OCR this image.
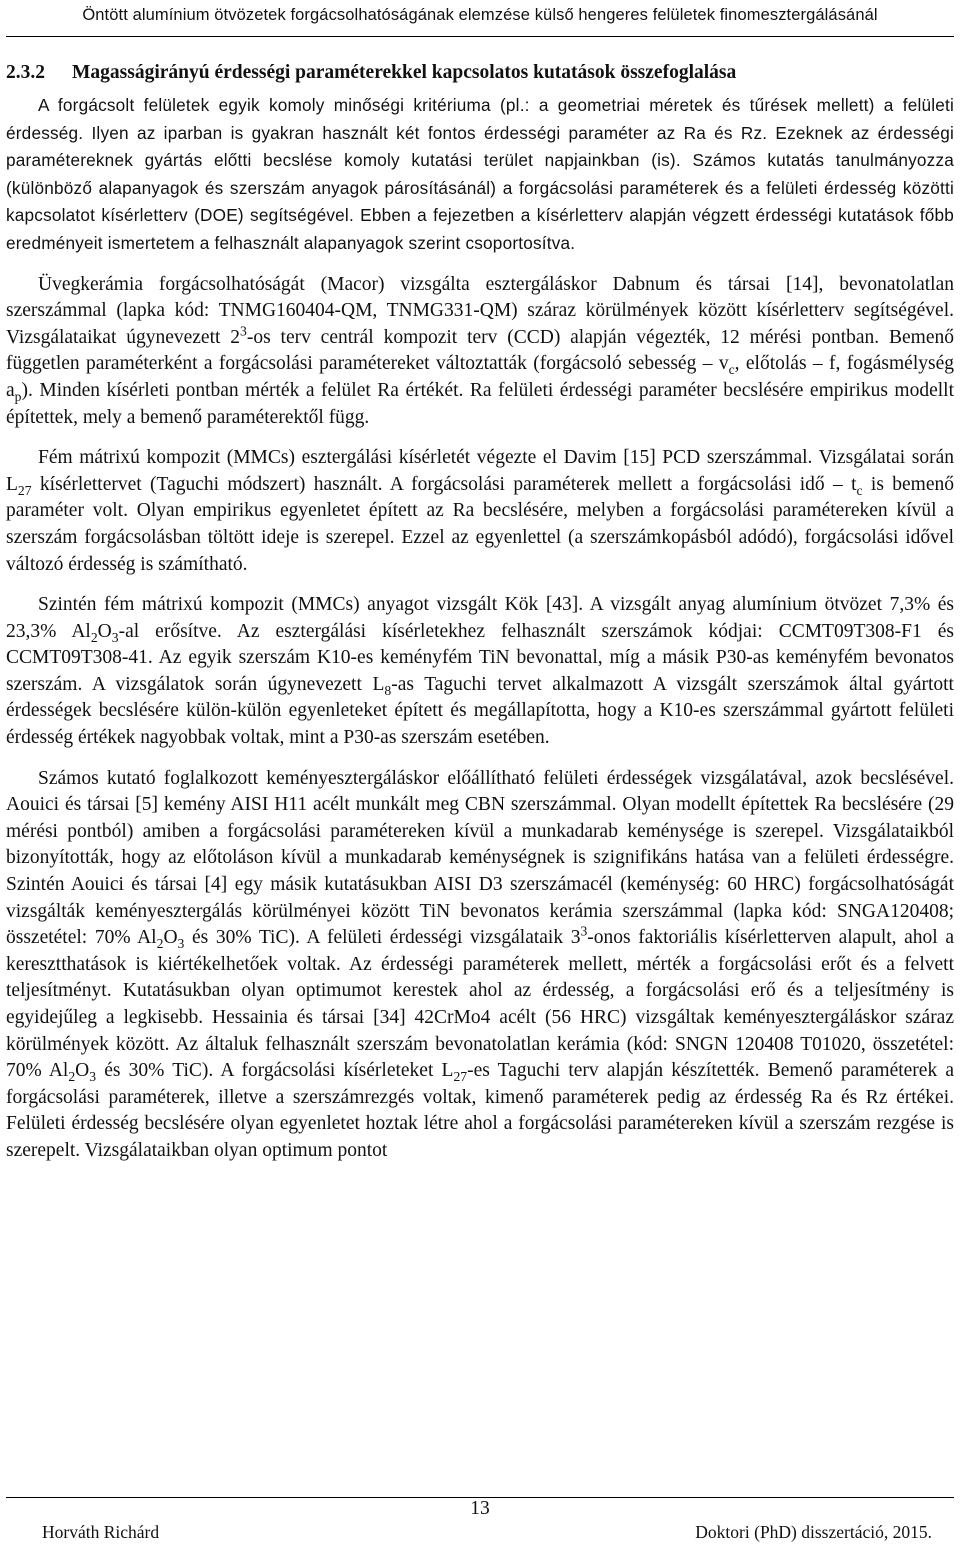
Öntött alumínium ötvözetek forgácsolhatóságának elemzése külső hengeres felületek finomesztergálásánál
2.3.2 Magasságirányú érdességi paraméterekkel kapcsolatos kutatások összefoglalása

A forgácsolt felületek egyik komoly minőségi kritériuma (pl.: a geometriai méretek és tűrések mellett) a felületi érdesség. Ilyen az iparban is gyakran használt két fontos érdességi paraméter az Ra és Rz. Ezeknek az érdességi paramétereknek gyártás előtti becslése komoly kutatási terület napjainkban (is). Számos kutatás tanulmányozza (különböző alapanyagok és szerszám anyagok párosításánál) a forgácsolási paraméterek és a felületi érdesség közötti kapcsolatot kísérletterv (DOE) segítségével. Ebben a fejezetben a kísérletterv alapján végzett érdességi kutatások főbb eredményeit ismertetem a felhasznált alapanyagok szerint csoportosítva.

Üvegkerámia forgácsolhatóságát (Macor) vizsgálta esztergáláskor Dabnum és társai [14], bevonatolatlan szerszámmal (lapka kód: TNMG160404-QM, TNMG331-QM) száraz körülmények között kísérletterv segítségével. Vizsgálataikat úgynevezett $2^3-os$ terv centrál kompozit terv (CCD) alapján végezték, 12 mérési pontban. Bemenő független paraméterként a forgácsolási paramétereket változtatták (forgácsoló sebesség – $v_c$, előtolás – f, fogásmélység $a_p$). Minden kísérleti pontban mérték a felület Ra értékét. Ra felületi érdességi paraméter becslésére empirikus modellt építettek, mely a bemenő paraméterektől függ.

Fém mátrixú kompozit (MMCs) esztergálási kísérletét végezte el Davim [15] PCD szerszámmal. Vizsgálatai során $L_{27}$ kísérlettervet (Taguchi módszert) használt. A forgácsolási paraméterek mellett a forgácsolási idő – $t_c$ is bemenő paraméter volt. Olyan empirikus egyenletet épített az Ra becslésére, melyben a forgácsolási paramétereken kívül a szerszám forgácsolásban töltött ideje is szerepel. Ezzel az egyenlettel (a szerszámkopásból adódó), forgácsolási idővel változó érdesség is számítható.

Szintén fém mátrixú kompozit (MMCs) anyagot vizsgált Kök [43]. A vizsgált anyag alumínium ötvözet 7,3% és 23,3% $Al_2O_3-al$ erősítve. Az esztergálási kísérletekhez felhasznált szerszámok kódjai: CCMT09T308-F1 és CCMT09T308-41. Az egyik szerszám K10-es keményfém TiN bevonattal, míg a másik P30-as keményfém bevonatos szerszám. A vizsgálatok során úgynevezett $L_8-as$ Taguchi tervet alkalmazott A vizsgált szerszámok által gyártott érdességek becslésére külön-külön egyenleteket épített és megállapította, hogy a K10-es szerszámmal gyártott felületi érdesség értékek nagyobbak voltak, mint a P30-as szerszám esetében.

Számos kutató foglalkozott keményesztergáláskor előállítható felületi érdességek vizsgálatával, azok becslésével. Aouici és társai [5] kemény AISI H11 acélt munkált meg CBN szerszámmal. Olyan modellt építettek Ra becslésére (29 mérési pontból) amiben a forgácsolási paramétereken kívül a munkadarab keménysége is szerepel. Vizsgálataikból bizonyították, hogy az előtoláson kívül a munkadarab keménységnek is szignifikáns hatása van a felületi érdességre. Szintén Aouici és társai [4] egy másik kutatásukban AISI D3 szerszámacél (keménység: 60 HRC) forgácsolhatóságát vizsgálták keményesztergálás körülményei között TiN bevonatos kerámia szerszámmal (lapka kód: SNGA120408; összetétel: 70% $Al_2O_3$ és 30% TiC). A felületi érdességi vizsgálataik $3^3$-onos faktoriális kísérletterven alapult, ahol a keresztthatások is kiértékelhetőek voltak. Az érdességi paraméterek mellett, mérték a forgácsolási erőt és a felvett teljesítményt. Kutatásukban olyan optimumot kerestek ahol az érdesség, a forgácsolási erő és a teljesítmény is egyidejűleg a legkisebb. Hessainia és társai [34] 42CrMo4 acélt (56 HRC) vizsgáltak keményesztergáláskor száraz körülmények között. Az általuk felhasznált szerszám bevonatolatlan kerámia (kód: SNGN 120408 T01020, összetétel: 70% $Al_2O_3$ és 30% TiC). A forgácsolási kísérleteket $L_{27}-es$ Taguchi terv alapján készítették. Bemenő paraméterek a forgácsolási paraméterek, illetve a szerszámrezgés voltak, kimenő paraméterek pedig az érdesség Ra és Rz értékei. Felületi érdesség becslésére olyan egyenletet hoztak létre ahol a forgácsolási paramétereken kívül a szerszám rezgése is szerepelt. Vizsgálataikban olyan optimum pontot

13
Horváth Richárd	Doktori (PhD) disszertáció, 2015.
